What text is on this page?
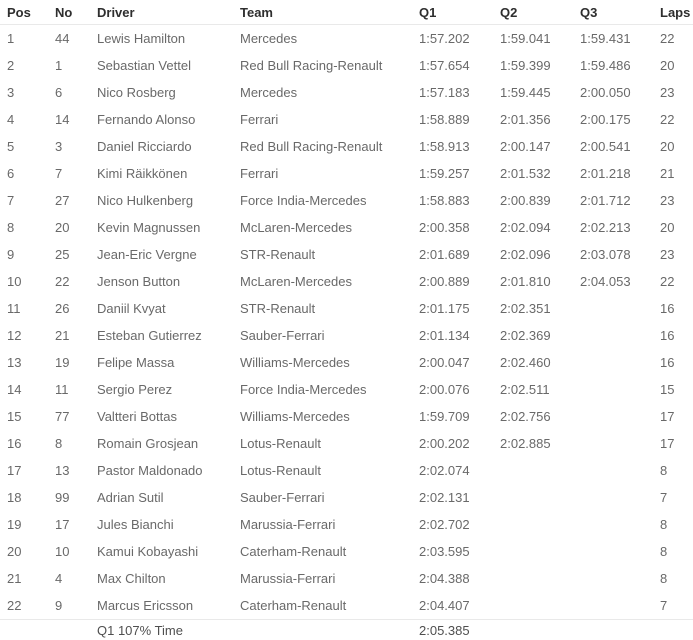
Pos	No	Driver	Team	Q1	Q2	Q3	Laps
1	44	Lewis Hamilton	Mercedes	1:57.202	1:59.041	1:59.431	22
2	1	Sebastian Vettel	Red Bull Racing-Renault	1:57.654	1:59.399	1:59.486	20
3	6	Nico Rosberg	Mercedes	1:57.183	1:59.445	2:00.050	23
4	14	Fernando Alonso	Ferrari	1:58.889	2:01.356	2:00.175	22
5	3	Daniel Ricciardo	Red Bull Racing-Renault	1:58.913	2:00.147	2:00.541	20
6	7	Kimi Räikkönen	Ferrari	1:59.257	2:01.532	2:01.218	21
7	27	Nico Hulkenberg	Force India-Mercedes	1:58.883	2:00.839	2:01.712	23
8	20	Kevin Magnussen	McLaren-Mercedes	2:00.358	2:02.094	2:02.213	20
9	25	Jean-Eric Vergne	STR-Renault	2:01.689	2:02.096	2:03.078	23
10	22	Jenson Button	McLaren-Mercedes	2:00.889	2:01.810	2:04.053	22
11	26	Daniil Kvyat	STR-Renault	2:01.175	2:02.351		16
12	21	Esteban Gutierrez	Sauber-Ferrari	2:01.134	2:02.369		16
13	19	Felipe Massa	Williams-Mercedes	2:00.047	2:02.460		16
14	11	Sergio Perez	Force India-Mercedes	2:00.076	2:02.511		15
15	77	Valtteri Bottas	Williams-Mercedes	1:59.709	2:02.756		17
16	8	Romain Grosjean	Lotus-Renault	2:00.202	2:02.885		17
17	13	Pastor Maldonado	Lotus-Renault	2:02.074			8
18	99	Adrian Sutil	Sauber-Ferrari	2:02.131			7
19	17	Jules Bianchi	Marussia-Ferrari	2:02.702			8
20	10	Kamui Kobayashi	Caterham-Renault	2:03.595			8
21	4	Max Chilton	Marussia-Ferrari	2:04.388			8
22	9	Marcus Ericsson	Caterham-Renault	2:04.407			7
		Q1 107% Time		2:05.385			
